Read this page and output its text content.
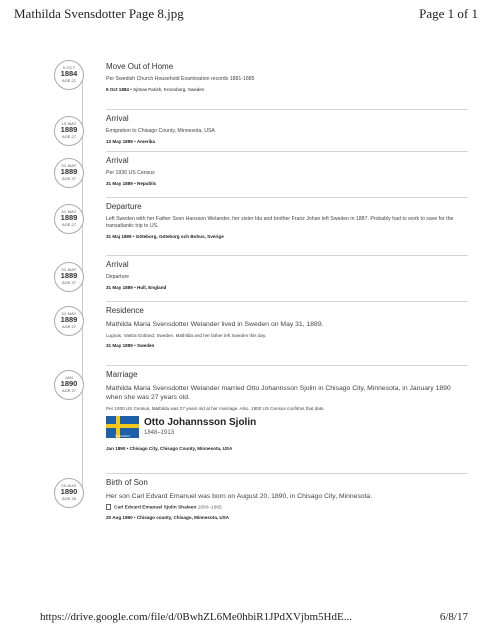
Mathilda Svensdotter Page 8.jpg	Page 1 of 1
9 OCT
1884
AGE 21
Move Out of Home
Per Swedish Church Household Examination records 1881-1885
9 Oct 1884 • Sjösas Parish, Kronoborg, Sweden
13 MAY
1889
AGE 27
Arrival
Emigration to Chisago County, Minnesota, USA
13 May 1889 • Amerika
31 MAY
1889
AGE 27
Arrival
Per 1930 US Census
31 May 1889 • Republic
31 MAY
1889
AGE 27
Departure
Left Sweden with her Father Sven Hansson Welander, her sister Ida and brother Franz Johan left Sweden in 1887. Probably had to work to save for the transatlantic trip to US.
31 Maj 1889 • Göteborg, Göteborg och Bohus, Sverige
31 MAY
1889
AGE 27
Arrival
Departure
31 May 1889 • Hull, England
31 MAY
1889
AGE 27
Residence
Mathilda Maria Svensdotter Welander lived in Sweden on May 31, 1889.
Lugnas, Vastra Gotland, Sweden. Mathilda and her father left Sweden this day.
31 May 1889 • Sweden
JAN
1890
AGE 27
Marriage
Mathilda Maria Svensdotter Welander married Otto Johannsson Sjolin in Chisago City, Minnesota, in January 1890 when she was 27 years old.
Per 1930 US Census, Mathilda was 27 years old at her marriage. Also, 1900 US Census confirms that date.
SWEDEN
Otto Johannsson Sjolin
1848–1913
Jan 1890 • Chisago City, Chisago County, Minnesota, USA
20 AUG
1890
AGE 28
Birth of Son
Her son Carl Edvard Emanuel was born on August 20, 1890, in Chisago City, Minnesota.
Carl Edvard Emanuel Sjolin Shaleen 1890–1965
20 Aug 1890 • Chisago county, Chisago, Minnesota, USA
https://drive.google.com/file/d/0BwhZL6Me0hbiR1JPdXVjbm5HdE...	6/8/17
